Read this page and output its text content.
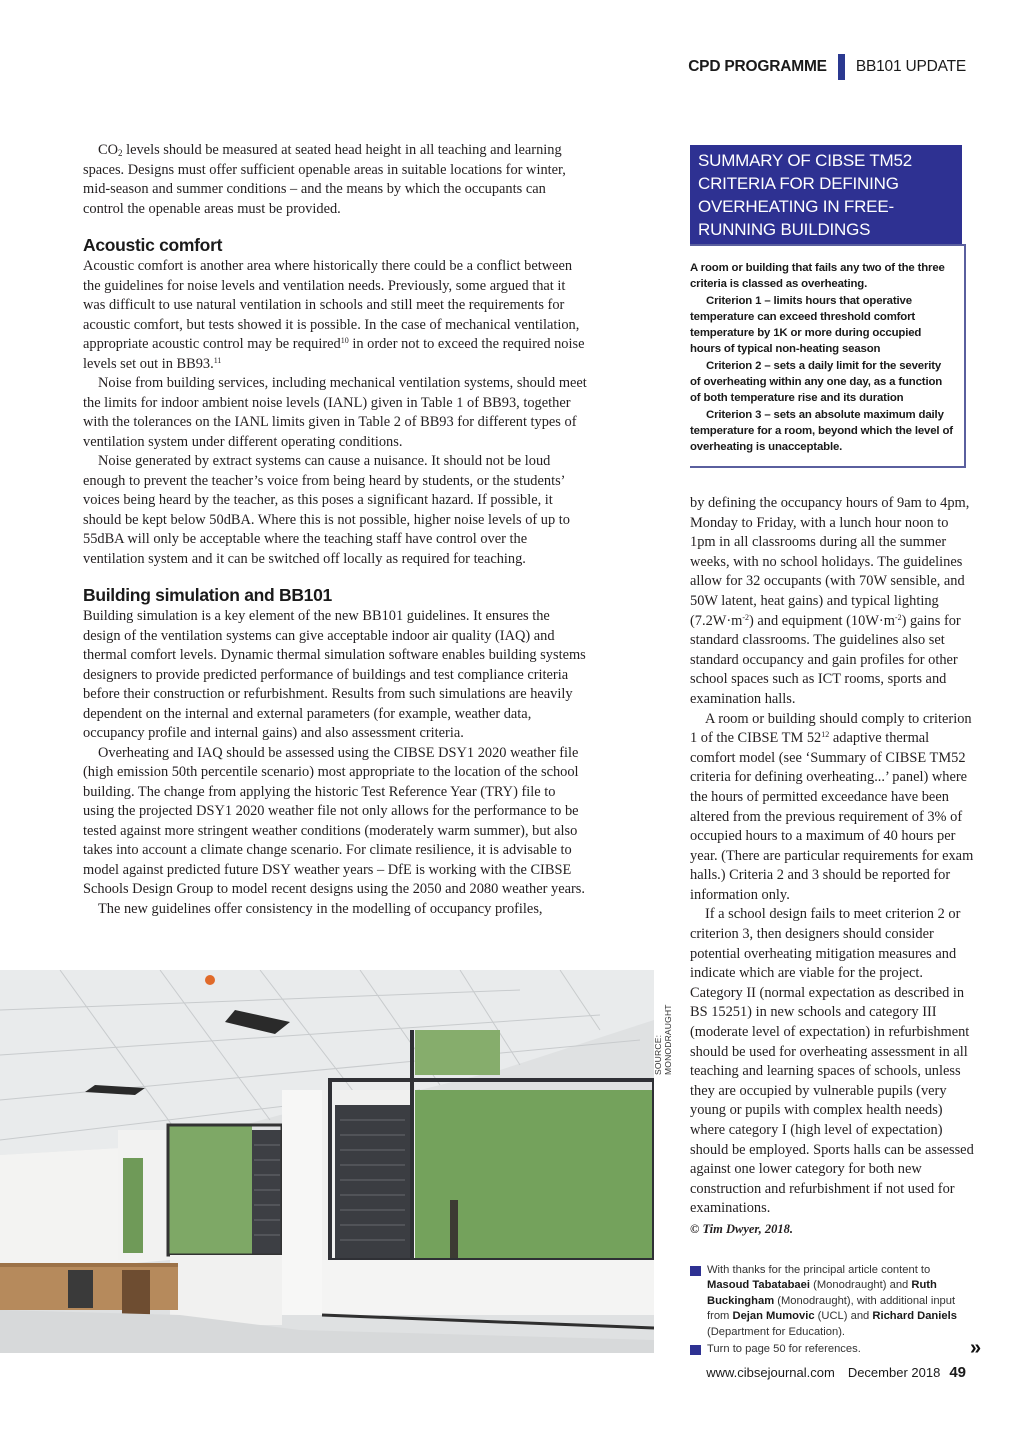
CPD PROGRAMME BB101 UPDATE

$CO_2$ levels should be measured at seated head height in all teaching and learning spaces. Designs must offer sufficient openable areas in suitable locations for winter, mid-season and summer conditions – and the means by which the occupants can control the openable areas must be provided.

Acoustic comfort

Acoustic comfort is another area where historically there could be a conflict between the guidelines for noise levels and ventilation needs. Previously, some argued that it was difficult to use natural ventilation in schools and still meet the requirements for acoustic comfort, but tests showed it is possible. In the case of mechanical ventilation, appropriate acoustic control may be required$^{10}$ in order not to exceed the required noise levels set out in BB93.11

Noise from building services, including mechanical ventilation systems, should meet the limits for indoor ambient noise levels (IANL) given in Table 1 of BB93, together with the tolerances on the IANL limits given in Table 2 of BB93 for different types of ventilation system under different operating conditions.

Noise generated by extract systems can cause a nuisance. It should not be loud enough to prevent the teacher’s voice from being heard by students, or the students’ voices being heard by the teacher, as this poses a significant hazard. If possible, it should be kept below 50dBA. Where this is not possible, higher noise levels of up to 55dBA will only be acceptable where the teaching staff have control over the ventilation system and it can be switched off locally as required for teaching.

Building simulation and BB101

Building simulation is a key element of the new BB101 guidelines. It ensures the design of the ventilation systems can give acceptable indoor air quality (IAQ) and thermal comfort levels. Dynamic thermal simulation software enables building systems designers to provide predicted performance of buildings and test compliance criteria before their construction or refurbishment. Results from such simulations are heavily dependent on the internal and external parameters (for example, weather data, occupancy profile and internal gains) and also assessment criteria.

Overheating and IAQ should be assessed using the CIBSE DSY1 2020 weather file (high emission 50th percentile scenario) most appropriate to the location of the school building. The change from applying the historic Test Reference Year (TRY) file to using the projected DSY1 2020 weather file not only allows for the performance to be tested against more stringent weather conditions (moderately warm summer), but also takes into account a climate change scenario. For climate resilience, it is advisable to model against predicted future DSY weather years – DfE is working with the CIBSE Schools Design Group to model recent designs using the 2050 and 2080 weather years.

The new guidelines offer consistency in the modelling of occupancy profiles,

SUMMARY OF CIBSE TM52 CRITERIA FOR DEFINING OVERHEATING IN FREE-RUNNING BUILDINGS

A room or building that fails any two of the three criteria is classed as overheating.

Criterion 1 – limits hours that operative temperature can exceed threshold comfort temperature by 1K or more during occupied hours of typical non-heating season

Criterion 2 – sets a daily limit for the severity of overheating within any one day, as a function of both temperature rise and its duration

Criterion 3 – sets an absolute maximum daily temperature for a room, beyond which the level of overheating is unacceptable.

by defining the occupancy hours of 9am to 4pm, Monday to Friday, with a lunch hour noon to 1pm in all classrooms during all the summer weeks, with no school holidays. The guidelines allow for 32 occupants (with 70W sensible, and 50W latent, heat gains) and typical lighting $(7.2W\cdot m^{-2})$ and equipment $(10W\cdot m^{-2})$ gains for standard classrooms. The guidelines also set standard occupancy and gain profiles for other school spaces such as ICT rooms, sports and examination halls.

A room or building should comply to criterion 1 of the CIBSE TM $52^{12}$ adaptive thermal comfort model (see ‘Summary of CIBSE TM52 criteria for defining overheating...’ panel) where the hours of permitted exceedance have been altered from the previous requirement of 3% of occupied hours to a maximum of 40 hours per year. (There are particular requirements for exam halls.) Criteria 2 and 3 should be reported for information only.

If a school design fails to meet criterion 2 or criterion 3, then designers should consider potential overheating mitigation measures and indicate which are viable for the project. Category II (normal expectation as described in BS 15251) in new schools and category III (moderate level of expectation) in refurbishment should be used for overheating assessment in all teaching and learning spaces of schools, unless they are occupied by vulnerable pupils (very young or pupils with complex health needs) where category I (high level of expectation) should be employed. Sports halls can be assessed against one lower category for both new construction and refurbishment if not used for examinations.

© Tim Dwyer, 2018.

With thanks for the principal article content to Masoud Tabatabaei (Monodraught) and Ruth Buckingham (Monodraught), with additional input from Dejan Mumovic (UCL) and Richard Daniels (Department for Education).
Turn to page 50 for references.	»
SOURCE: MONODRAUGHT
www.cibsejournal.com December 2018 49
